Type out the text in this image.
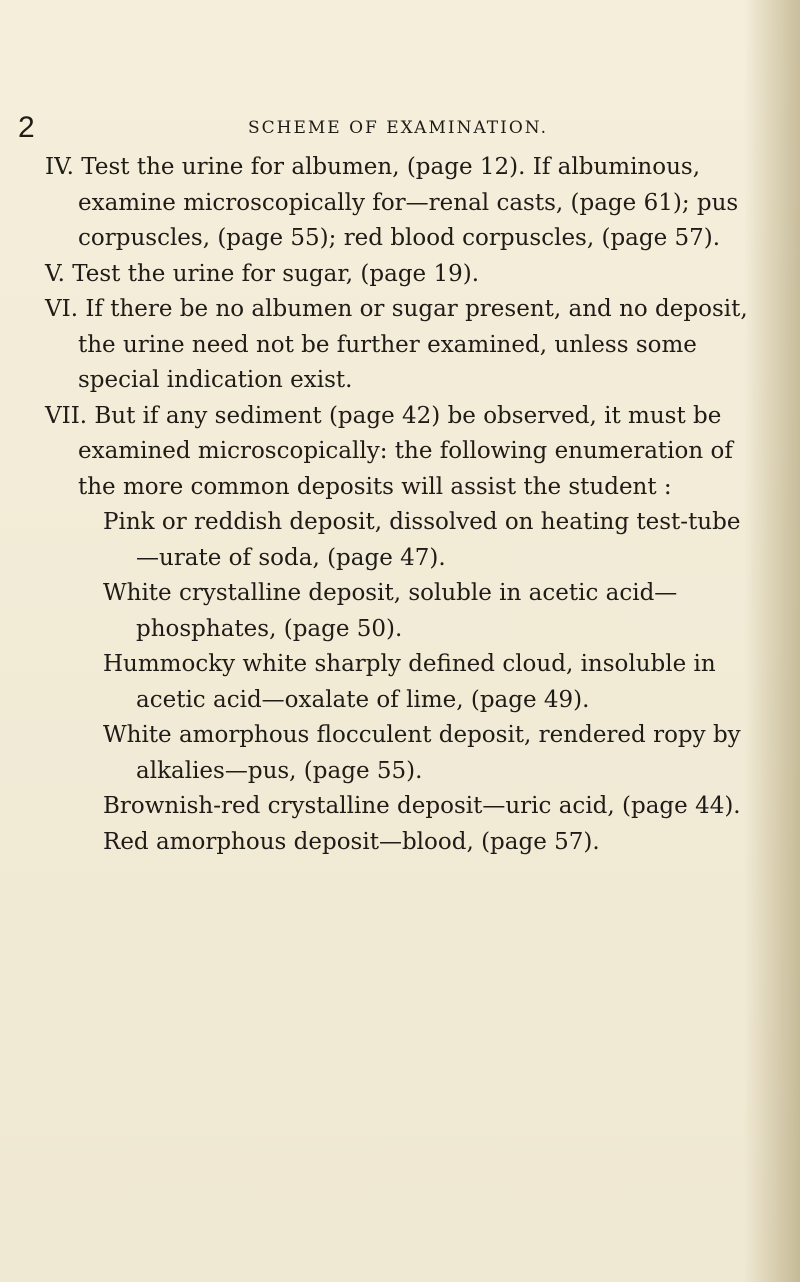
2	SCHEME OF EXAMINATION.

IV. Test the urine for albumen, (page 12). If albuminous, examine microscopically for—renal casts, (page 61); pus corpuscles, (page 55); red blood corpuscles, (page 57).

V. Test the urine for sugar, (page 19).

VI. If there be no albumen or sugar present, and no deposit, the urine need not be further examined, unless some special indication exist.

VII. But if any sediment (page 42) be observed, it must be examined microscopically: the following enumeration of the more common deposits will assist the student :

Pink or reddish deposit, dissolved on heating test-tube—urate of soda, (page 47).

White crystalline deposit, soluble in acetic acid—phosphates, (page 50).

Hummocky white sharply defined cloud, insoluble in acetic acid—oxalate of lime, (page 49).

White amorphous flocculent deposit, rendered ropy by alkalies—pus, (page 55).

Brownish-red crystalline deposit—uric acid, (page 44).

Red amorphous deposit—blood, (page 57).
